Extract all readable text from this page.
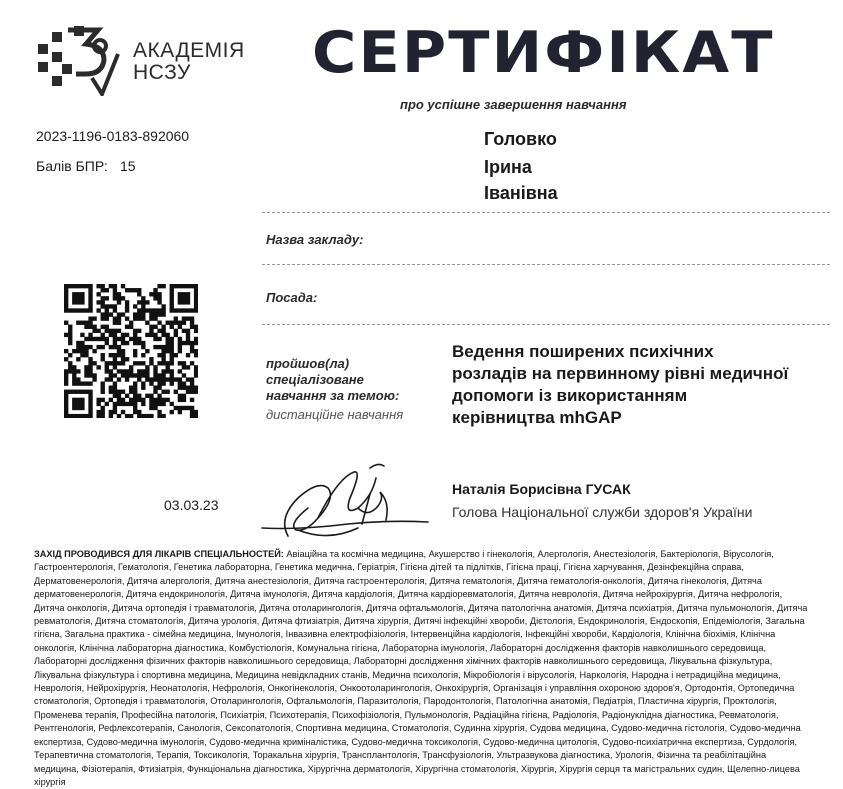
АКАДЕМІЯ
НСЗУ СЕРТИФІКАТ
про успішне завершення навчання
2023-1196-0183-892060
Балів БПР: 15
Головко
Ірина
Іванівна
Назва закладу:
Посада:
пройшов(ла)
спеціалізоване
навчання за темою:
дистанційне навчання
Ведення поширених психічних
розладів на первинному рівні медичної
допомоги із використанням
керівництва mhGAP
03.03.23
Наталія Борисівна ГУСАК
Голова Національної служби здоров'я України
ЗАХІД ПРОВОДИВСЯ ДЛЯ ЛІКАРІВ СПЕЦІАЛЬНОСТЕЙ: Авіаційна та космічна медицина, Акушерство і гінекологія, Алергологія, Анестезіологія, Бактеріологія, Вірусологія, Гастроентерологія, Гематологія, Генетика лабораторна, Генетика медична, Геріатрія, Гігієна дітей та підлітків, Гігієна праці, Гігієна харчування, Дезінфекційна справа, Дерматовенерологія, Дитяча алергологія, Дитяча анестезіологія, Дитяча гастроентерологія, Дитяча гематологія, Дитяча гематологія-онкологія, Дитяча гінекологія, Дитяча дерматовенерологія, Дитяча ендокринологія, Дитяча імунологія, Дитяча кардіологія, Дитяча кардіоревматологія, Дитяча неврологія, Дитяча нейрохірургія, Дитяча нефрологія, Дитяча онкологія, Дитяча ортопедія і травматологія, Дитяча отоларингологія, Дитяча офтальмологія, Дитяча патологічна анатомія, Дитяча психіатрія, Дитяча пульмонологія, Дитяча ревматологія, Дитяча стоматологія, Дитяча урологія, Дитяча фтизіатрія, Дитяча хірургія, Дитячі інфекційні хвороби, Дієтологія, Ендокринологія, Ендоскопія, Епідеміологія, Загальна гігієна, Загальна практика - сімейна медицина, Імунологія, Інвазивна електрофізіологія, Інтервенційна кардіологія, Інфекційні хвороби, Кардіологія, Клінічна біохімія, Клінічна онкологія, Клінічна лабораторна діагностика, Комбустіологія, Комунальна гігієна, Лабораторна імунологія, Лабораторні дослідження факторів навколишнього середовища, Лабораторні дослідження фізичних факторів навколишнього середовища, Лабораторні дослідження хімічних факторів навколишнього середовища, Лікувальна фізкультура, Лікувальна фізкультура і спортивна медицина, Медицина невідкладних станів, Медична психологія, Мікробіологія і вірусологія, Наркологія, Народна і нетрадиційна медицина, Неврологія, Нейрохірургія, Неонатологія, Нефрологія, Онкогінекологія, Онкоотоларингологія, Онкохірургія, Організація і управління охороною здоров'я, Ортодонтія, Ортопедична стоматологія, Ортопедія і травматологія, Отоларингологія, Офтальмологія, Паразитологія, Пародонтологія, Патологічна анатомія, Педіатрія, Пластична хірургія, Проктологія, Променева терапія, Професійна патологія, Психіатрія, Психотерапія, Психофізіологія, Пульмонологія, Радіаційна гігієна, Радіологія, Радіонуклідна діагностика, Ревматологія, Рентгенологія, Рефлексотерапія, Санологія, Сексопатологія, Спортивна медицина, Стоматологія, Судинна хірургія, Судова медицина, Судово-медична гістологія, Судово-медична експертиза, Судово-медична імунологія, Судово-медична криміналістика, Судово-медична токсикологія, Судово-медична цитологія, Судово-психіатрична експертиза, Сурдологія, Терапевтична стоматологія, Терапія, Токсикологія, Торакальна хірургія, Трансплантологія, Трансфузіологія, Ультразвукова діагностика, Урологія, Фізична та реабілітаційна медицина, Фізіотерапія, Фтизіатрія, Функціональна діагностика, Хірургічна дерматологія, Хірургічна стоматологія, Хірургія, Хірургія серця та магістральних судин, Щелепно-лицева хірургія
